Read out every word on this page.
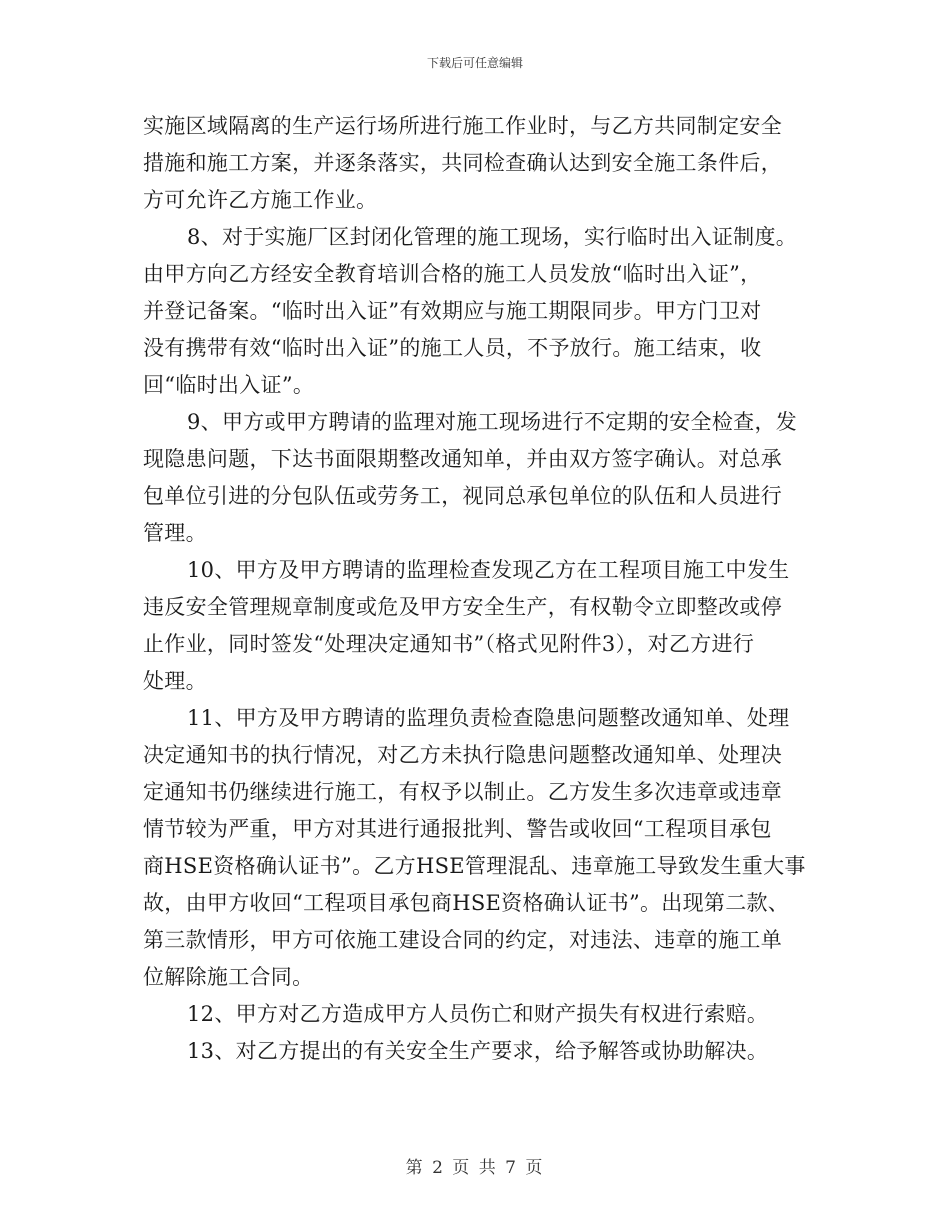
下载后可任意编辑
实施区域隔离的生产运行场所进行施工作业时，与乙方共同制定安全
措施和施工方案，并逐条落实，共同检查确认达到安全施工条件后，
方可允许乙方施工作业。
8、对于实施厂区封闭化管理的施工现场，实行临时出入证制度。
由甲方向乙方经安全教育培训合格的施工人员发放“临时出入证”，
并登记备案。“临时出入证”有效期应与施工期限同步。甲方门卫对
没有携带有效“临时出入证”的施工人员，不予放行。施工结束，收
回“临时出入证”。
9、甲方或甲方聘请的监理对施工现场进行不定期的安全检查，发
现隐患问题，下达书面限期整改通知单，并由双方签字确认。对总承
包单位引进的分包队伍或劳务工，视同总承包单位的队伍和人员进行
管理。
10、甲方及甲方聘请的监理检查发现乙方在工程项目施工中发生
违反安全管理规章制度或危及甲方安全生产，有权勒令立即整改或停
止作业，同时签发“处理决定通知书”（格式见附件3），对乙方进行
处理。
11、甲方及甲方聘请的监理负责检查隐患问题整改通知单、处理
决定通知书的执行情况，对乙方未执行隐患问题整改通知单、处理决
定通知书仍继续进行施工，有权予以制止。乙方发生多次违章或违章
情节较为严重，甲方对其进行通报批判、警告或收回“工程项目承包
商HSE资格确认证书”。乙方HSE管理混乱、违章施工导致发生重大事
故，由甲方收回“工程项目承包商HSE资格确认证书”。出现第二款、
第三款情形，甲方可依施工建设合同的约定，对违法、违章的施工单
位解除施工合同。
12、甲方对乙方造成甲方人员伤亡和财产损失有权进行索赔。
13、对乙方提出的有关安全生产要求，给予解答或协助解决。
第 2 页 共 7 页
